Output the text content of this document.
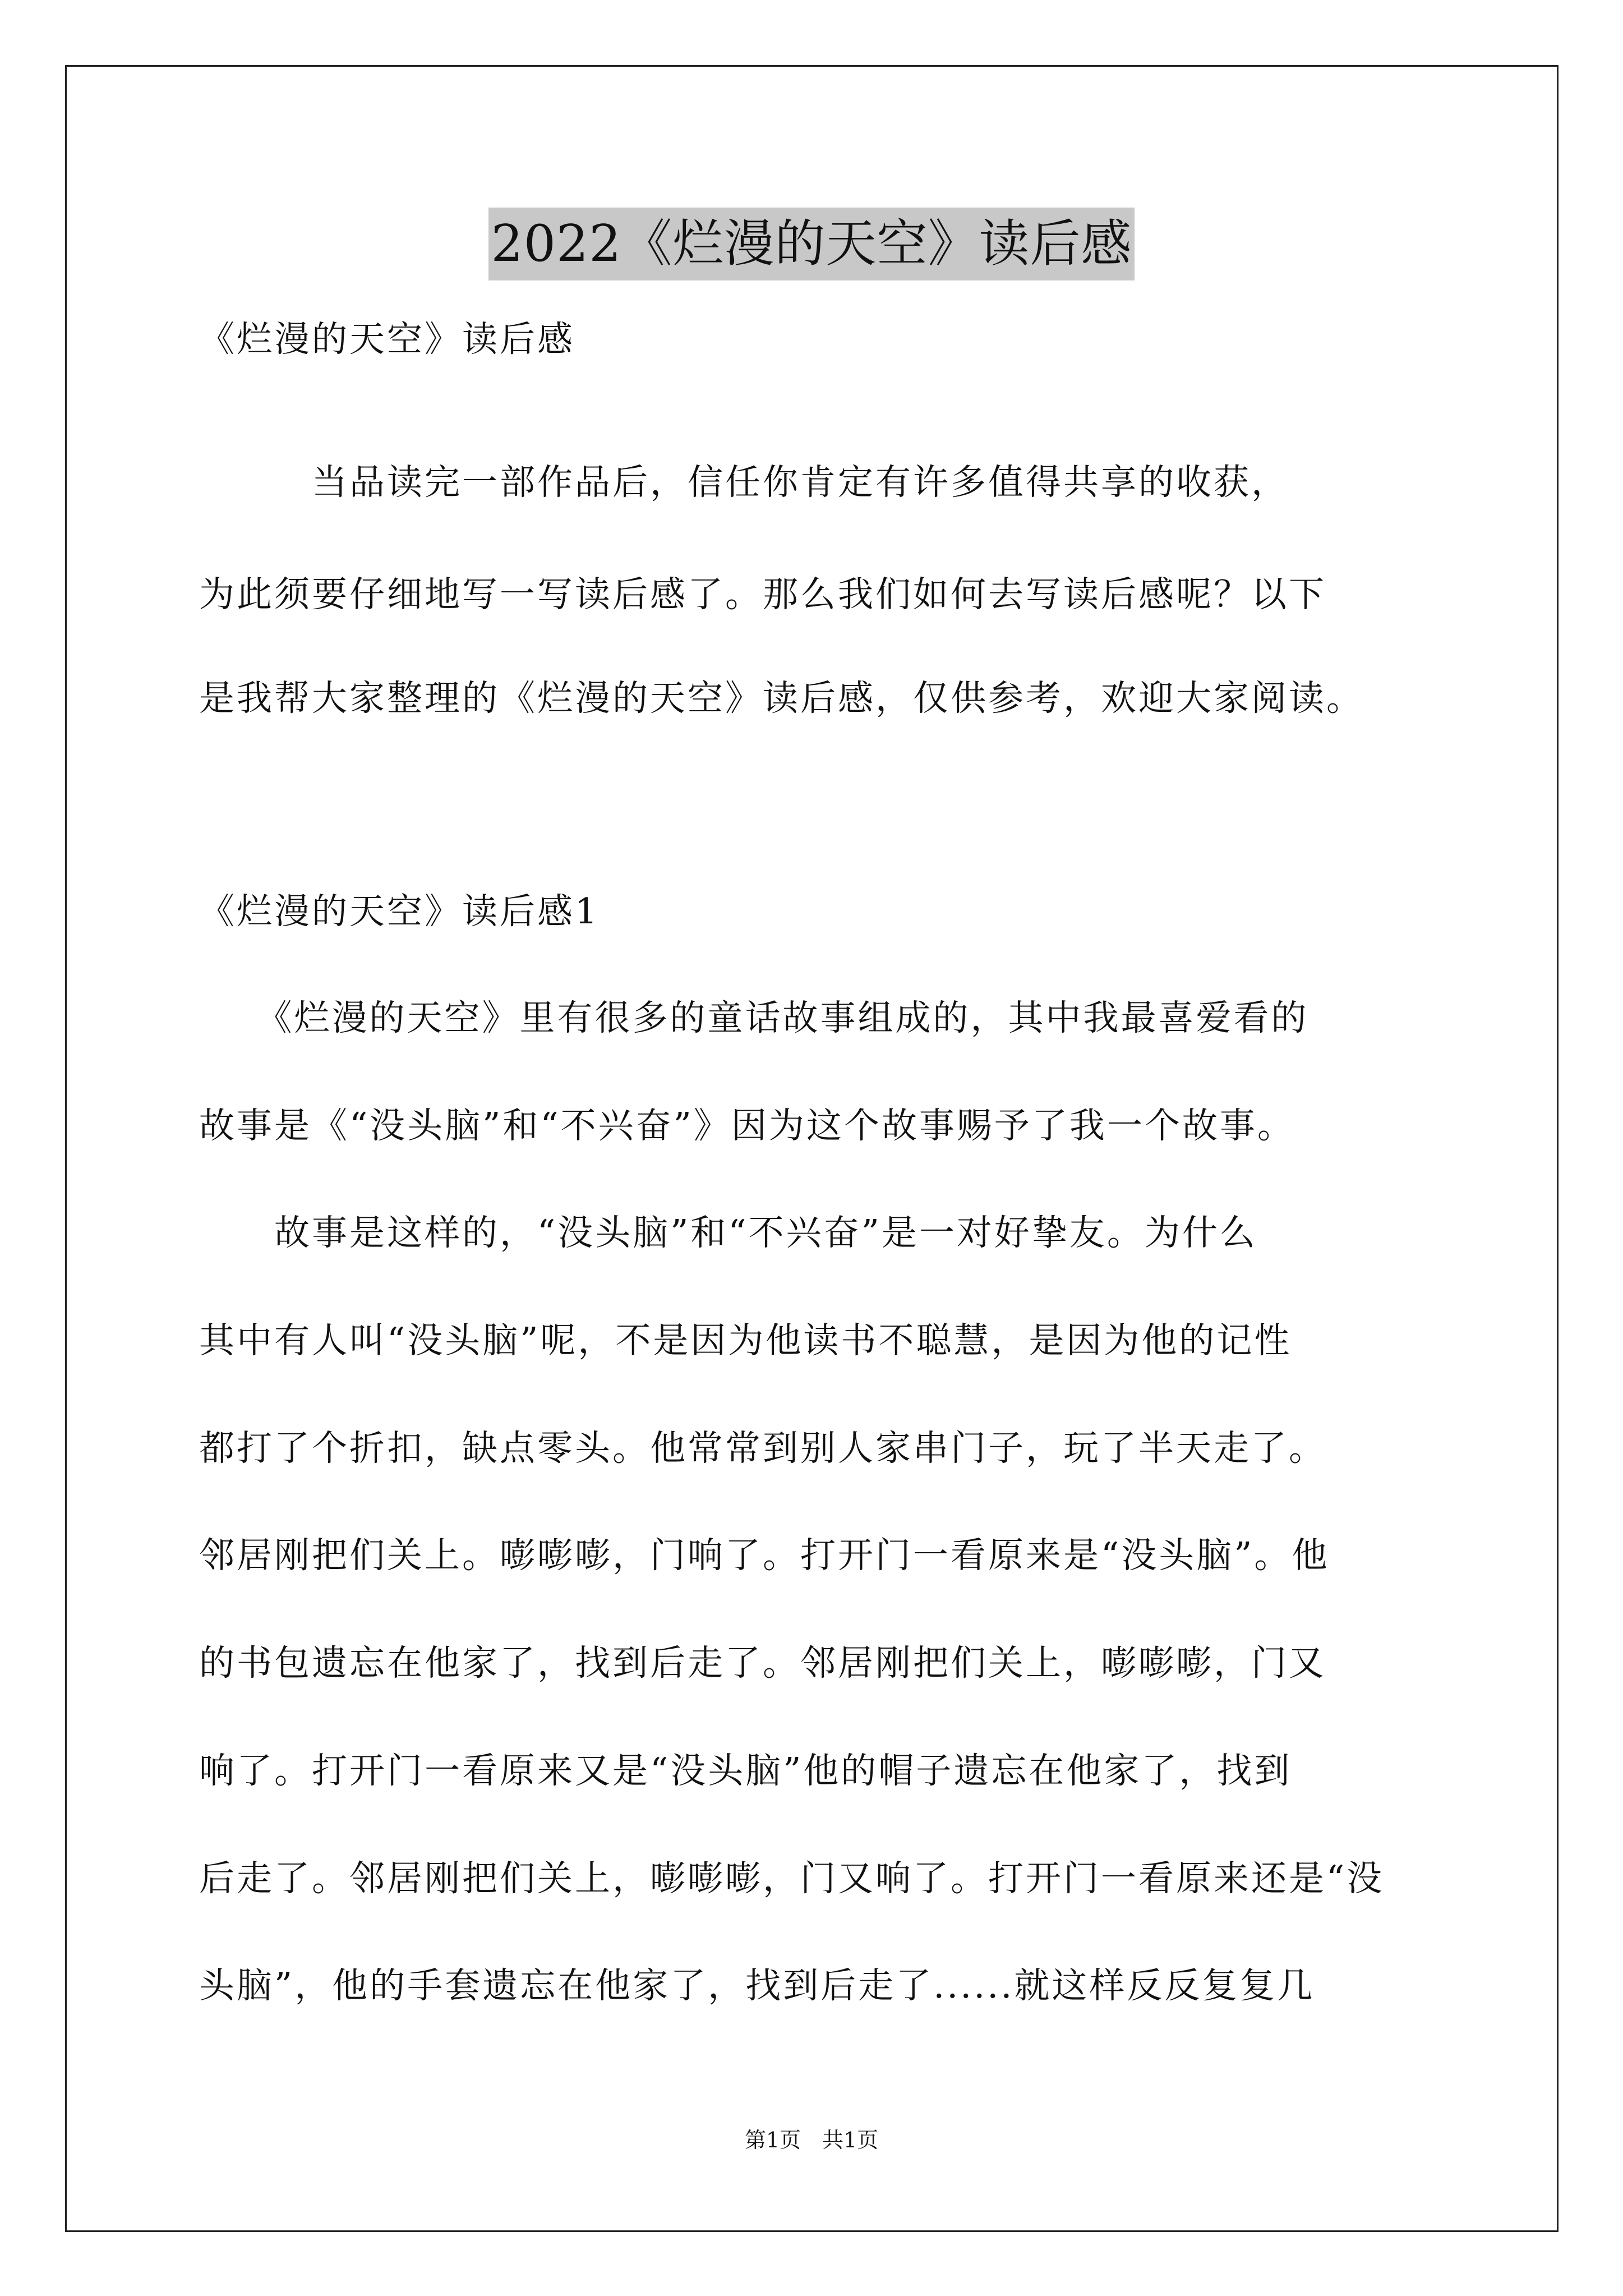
2022《烂漫的天空》读后感

《烂漫的天空》读后感

　　　当品读完一部作品后，信任你肯定有许多值得共享的收获，

为此须要仔细地写一写读后感了。那么我们如何去写读后感呢？以下

是我帮大家整理的《烂漫的天空》读后感，仅供参考，欢迎大家阅读。

《烂漫的天空》读后感1

　　《烂漫的天空》里有很多的童话故事组成的，其中我最喜爱看的

故事是《“没头脑”和“不兴奋”》因为这个故事赐予了我一个故事。

　　故事是这样的，“没头脑”和“不兴奋”是一对好挚友。为什么

其中有人叫“没头脑”呢，不是因为他读书不聪慧，是因为他的记性

都打了个折扣，缺点零头。他常常到别人家串门子，玩了半天走了。

邻居刚把们关上。嘭嘭嘭，门响了。打开门一看原来是“没头脑”。他

的书包遗忘在他家了，找到后走了。邻居刚把们关上，嘭嘭嘭，门又

响了。打开门一看原来又是“没头脑”他的帽子遗忘在他家了，找到

后走了。邻居刚把们关上，嘭嘭嘭，门又响了。打开门一看原来还是“没

头脑”，他的手套遗忘在他家了，找到后走了......就这样反反复复几

第1页　共1页
